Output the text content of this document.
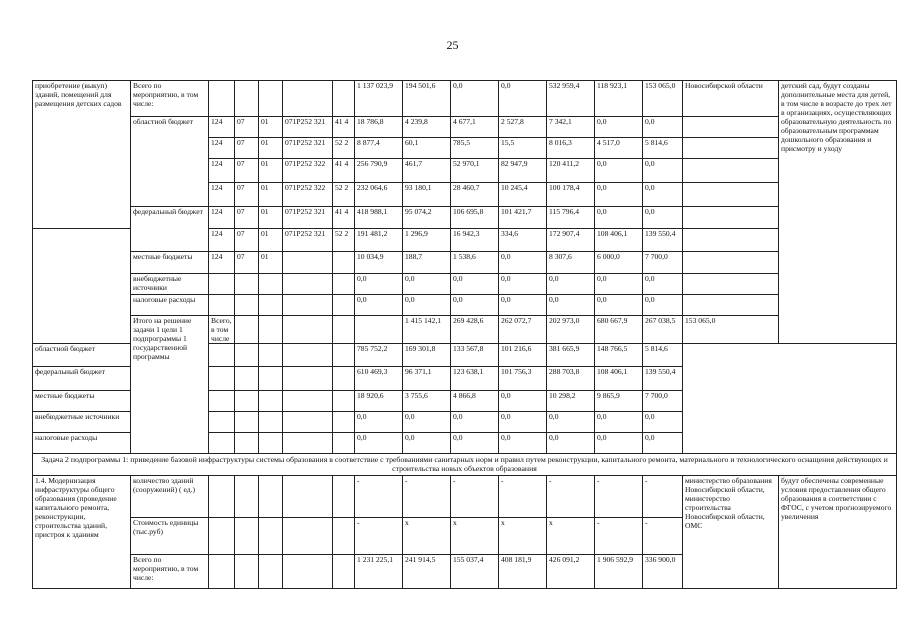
25
приобретение (выкуп) зданий, помещений для размещения детских садов	Всего по мероприятию, в том числе:						1 137 023,9	194 501,6	0,0	0,0	532 959,4	118 923,1	153 065,0	Новосибирской области	детский сад, будут созданы дополнительные места для детей, в том числе в возрасте до трех лет в организациях, осуществляющих образовательную деятельность по образовательным программам дошкольного образования и присмотру и уходу	
	областной бюджет	124	07	01	071P252 321	41 4	18 786,8	4 239,8	4 677,1	2 527,8	7 342,1	0,0	0,0			
		124	07	01	071P252 321	52 2	8 877,4	60,1	785,5	15,5	8 016,3	4 517,0	5 814,6			
		124	07	01	071P252 322	41 4	256 790,9	461,7	52 970,1	82 947,9	120 411,2	0,0	0,0			
		124	07	01	071P252 322	52 2	232 064,6	93 180,1	28 460,7	10 245,4	100 178,4	0,0	0,0			
	федеральный бюджет	124	07	01	071P252 321	41 4	418 988,1	95 074,2	106 695,8	101 421,7	115 796,4	0,0	0,0			
		124	07	01	071P252 321	52 2	191 481,2	1 296,9	16 942,3	334,6	172 907,4	108 406,1	139 550,4			
	местные бюджеты	124	07	01			10 034,9	188,7	1 538,6	0,0	8 307,6	6 000,0	7 700,0			
	внебюджетные источники						0,0	0,0	0,0	0,0	0,0	0,0	0,0			
	налоговые расходы						0,0	0,0	0,0	0,0	0,0	0,0	0,0			
	Итого на решение задачи 1 цели 1 подпрограммы 1 государственной программы	Всего, в том числе						1 415 142,1	269 428,6	262 072,7	202 973,0	680 667,9	267 038,5	153 065,0		
областной бюджет							785 752,2	169 301,8	133 567,8	101 216,6	381 665,9	148 766,5	5 814,6			
федеральный бюджет							610 469,3	96 371,1	123 638,1	101 756,3	288 703,8	108 406,1	139 550,4			
местные бюджеты							18 920,6	3 755,6	4 866,8	0,0	10 298,2	9 865,9	7 700,0			
внебюджетные источники							0,0	0,0	0,0	0,0	0,0	0,0	0,0			
налоговые расходы							0,0	0,0	0,0	0,0	0,0	0,0	0,0			
Задача 2 подпрограммы 1: приведение базовой инфраструктуры системы образования в соответствие с требованиями санитарных норм и правил путем реконструкции, капитального ремонта, материального и технологического оснащения действующих и строительства новых объектов образования																
1.4. Модернизация инфраструктуры общего образования (проведение капитального ремонта, реконструкции, строительства зданий, пристроя к зданиям	количество зданий (сооружений) ( ед.)						-	-	-	-	-	-	-	министерство образования Новосибирской области, министерство строительства Новосибирской области, ОМС	будут обеспечены современные условия предоставления общего образования в соответствии с ФГОС, с учетом прогнозируемого увеличения	
	Стоимость единицы (тыс.руб)						-	х	х	х	х	-	-			
	Всего по мероприятию, в том числе:						1 231 225,1	241 914,5	155 037,4	408 181,9	426 091,2	1 906 592,9	336 900,0			
